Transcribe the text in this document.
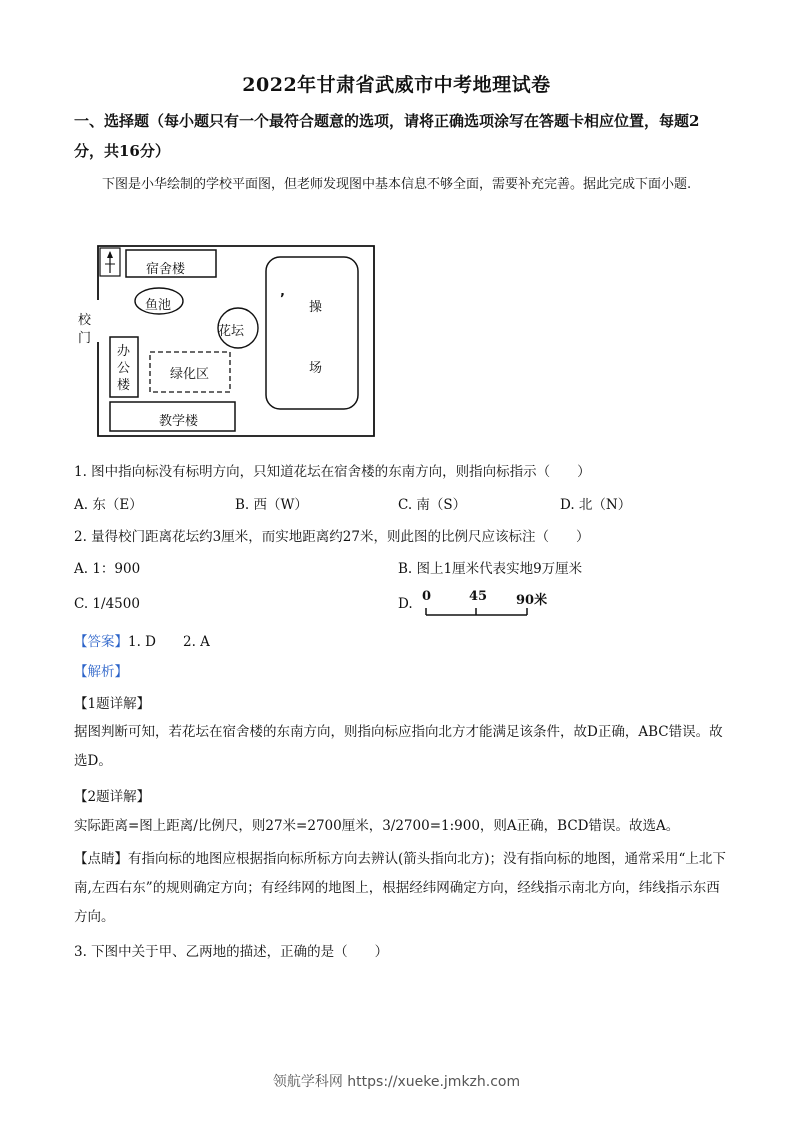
2022年甘肃省武威市中考地理试卷
一、选择题（每小题只有一个最符合题意的选项，请将正确选项涂写在答题卡相应位置，每题2分，共16分）
下图是小华绘制的学校平面图，但老师发现图中基本信息不够全面，需要补充完善。据此完成下面小题.
宿舍楼
鱼池
花坛
校
门
办
公
楼
绿化区
教学楼
操
场
’
1. 图中指向标没有标明方向，只知道花坛在宿舍楼的东南方向，则指向标指示（　　）
A. 东（E）	B. 西（W）	C. 南（S）	D. 北（N）
2. 量得校门距离花坛约3厘米，而实地距离约27米，则此图的比例尺应该标注（　　）
A. 1：900	B. 图上1厘米代表实地9万厘米
C. 1/4500	D. 0	45 90米
【答案】1. D　　2. A
【解析】
【1题详解】
据图判断可知，若花坛在宿舍楼的东南方向，则指向标应指向北方才能满足该条件，故D正确，ABC错误。故选D。
【2题详解】
实际距离=图上距离/比例尺，则27米=2700厘米，3/2700=1:900，则A正确，BCD错误。故选A。
【点睛】有指向标的地图应根据指向标所标方向去辨认(箭头指向北方)；没有指向标的地图，通常采用“上北下南,左西右东”的规则确定方向；有经纬网的地图上，根据经纬网确定方向，经线指示南北方向，纬线指示东西方向。
3. 下图中关于甲、乙两地的描述，正确的是（　　）
领航学科网 https://xueke.jmkzh.com
